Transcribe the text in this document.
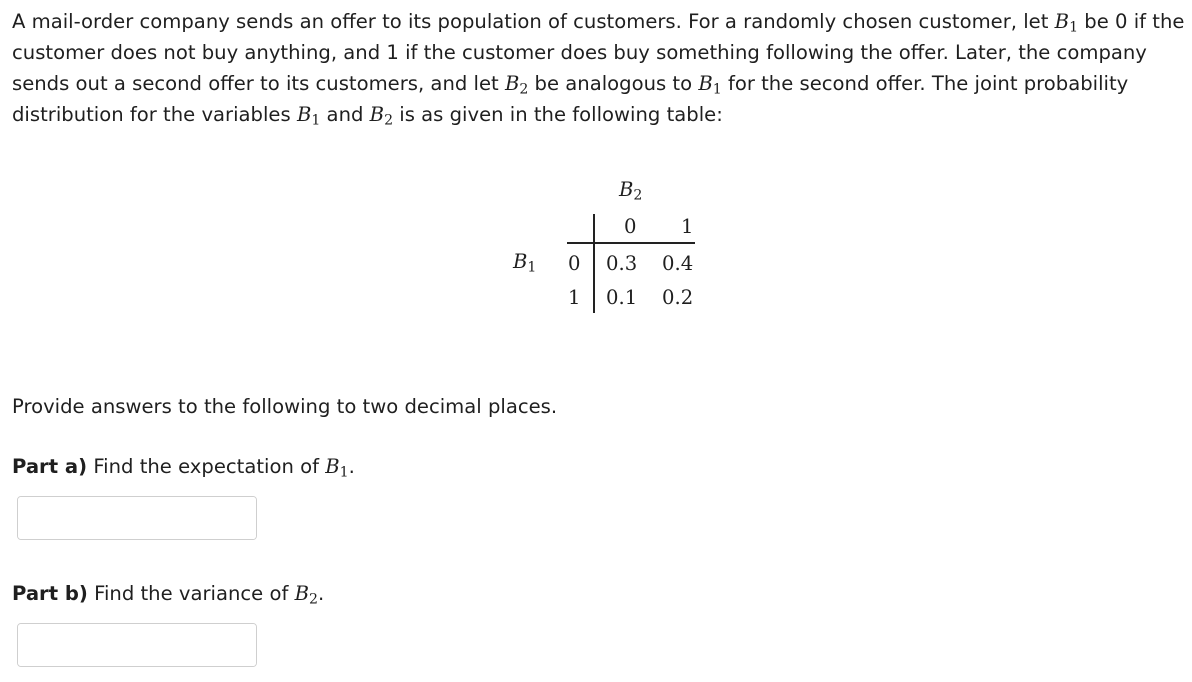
A mail-order company sends an offer to its population of customers. For a randomly chosen customer, let $B_1$ be 0 if the customer does not buy anything, and 1 if the customer does buy something following the offer. Later, the company sends out a second offer to its customers, and let $B_2$ be analogous to $B_1$ for the second offer. The joint probability distribution for the variables $B_1$ and $B_2$ is as given in the following table:

$B_2$
0 1
$B_1$ 0
1
0.3 0.4
0.1 0.2

Provide answers to the following to two decimal places.

Part a) Find the expectation of $B_1$.

Part b) Find the variance of $B_2$.
